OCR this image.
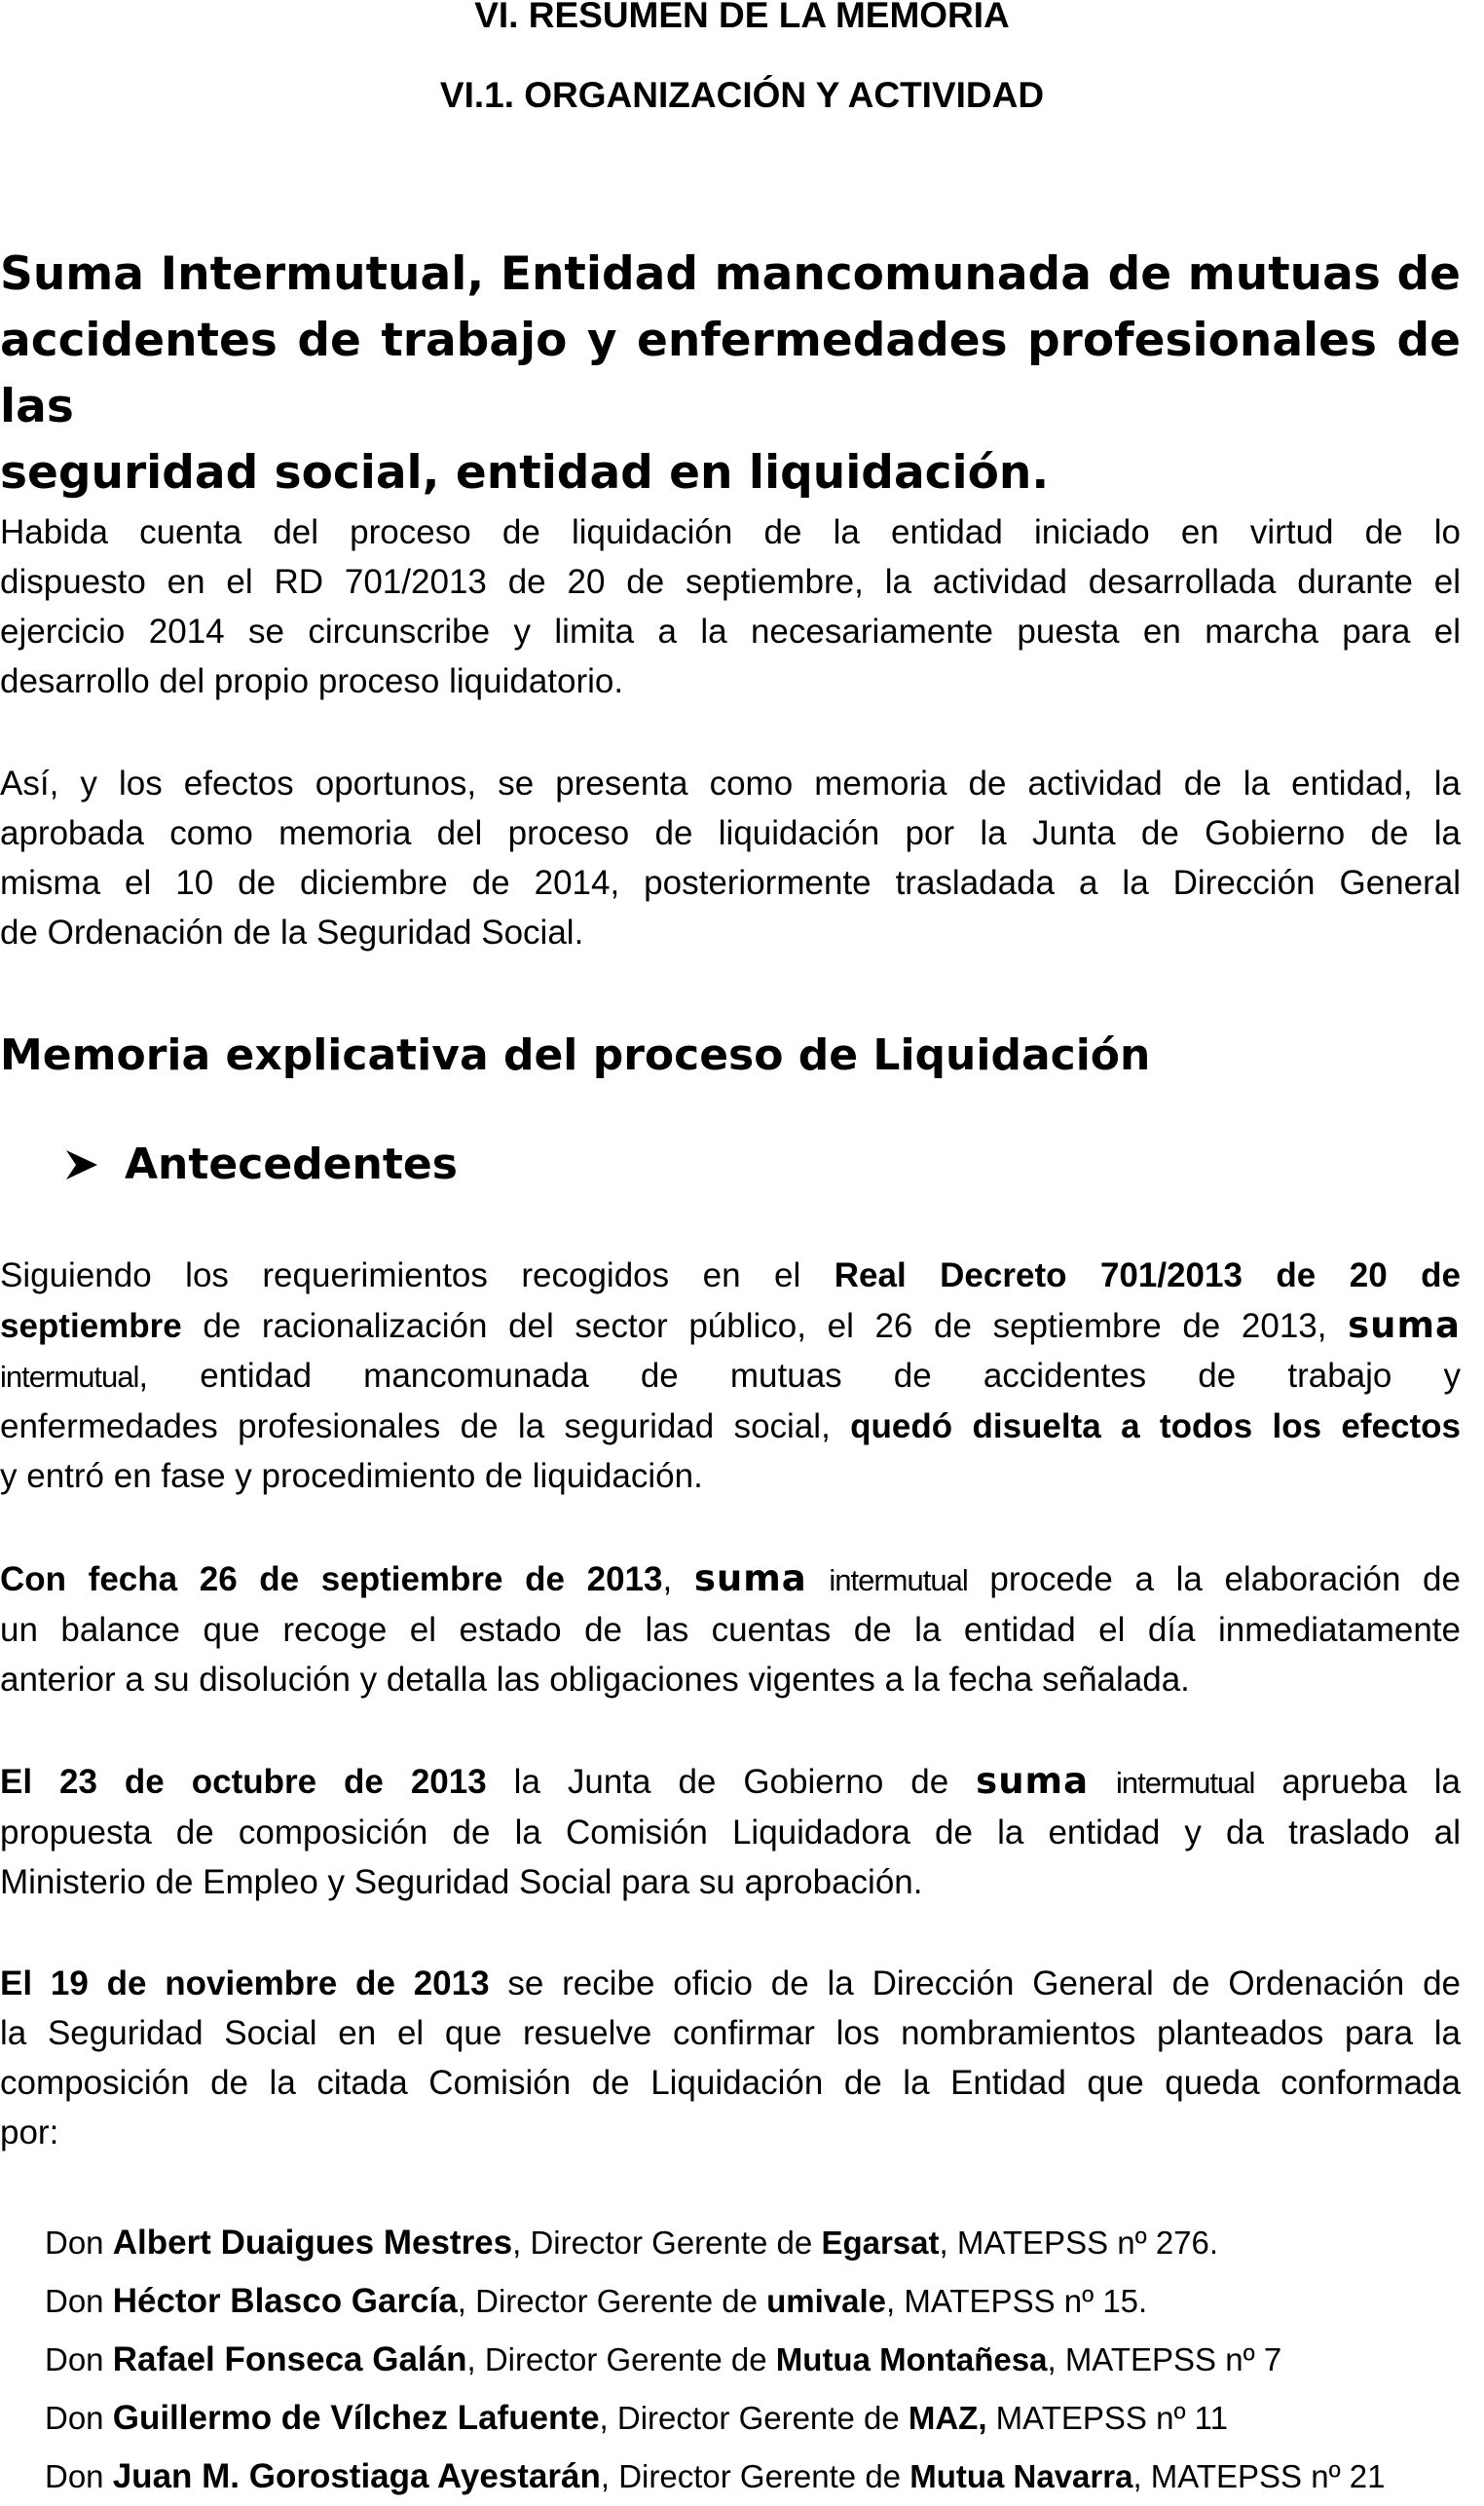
VI. RESUMEN DE LA MEMORIA
VI.1. ORGANIZACIÓN Y ACTIVIDAD
Suma Intermutual, Entidad mancomunada de mutuas de
accidentes de trabajo y enfermedades profesionales de las
seguridad social, entidad en liquidación.
Habida cuenta del proceso de liquidación de la entidad iniciado en virtud de lo
dispuesto en el RD 701/2013 de 20 de septiembre, la actividad desarrollada durante el
ejercicio 2014 se circunscribe y limita a la necesariamente puesta en marcha para el
desarrollo del propio proceso liquidatorio.
Así, y los efectos oportunos, se presenta como memoria de actividad de la entidad, la
aprobada como memoria del proceso de liquidación por la Junta de Gobierno de la
misma el 10 de diciembre de 2014, posteriormente trasladada a la Dirección General
de Ordenación de la Seguridad Social.
Memoria explicativa del proceso de Liquidación
Antecedentes
Siguiendo los requerimientos recogidos en el Real Decreto 701/2013 de 20 de
septiembre de racionalización del sector público, el 26 de septiembre de 2013, suma
intermutual, entidad mancomunada de mutuas de accidentes de trabajo y
enfermedades profesionales de la seguridad social, quedó disuelta a todos los efectos
y entró en fase y procedimiento de liquidación.
Con fecha 26 de septiembre de 2013, suma intermutual procede a la elaboración de
un balance que recoge el estado de las cuentas de la entidad el día inmediatamente
anterior a su disolución y detalla las obligaciones vigentes a la fecha señalada.
El 23 de octubre de 2013 la Junta de Gobierno de suma intermutual aprueba la
propuesta de composición de la Comisión Liquidadora de la entidad y da traslado al
Ministerio de Empleo y Seguridad Social para su aprobación.
El 19 de noviembre de 2013 se recibe oficio de la Dirección General de Ordenación de
la Seguridad Social en el que resuelve confirmar los nombramientos planteados para la
composición de la citada Comisión de Liquidación de la Entidad que queda conformada
por:
Don Albert Duaigues Mestres, Director Gerente de Egarsat, MATEPSS nº 276.
Don Héctor Blasco García, Director Gerente de umivale, MATEPSS nº 15.
Don Rafael Fonseca Galán, Director Gerente de Mutua Montañesa, MATEPSS nº 7
Don Guillermo de Vílchez Lafuente, Director Gerente de MAZ, MATEPSS nº 11
Don Juan M. Gorostiaga Ayestarán, Director Gerente de Mutua Navarra, MATEPSS nº 21
